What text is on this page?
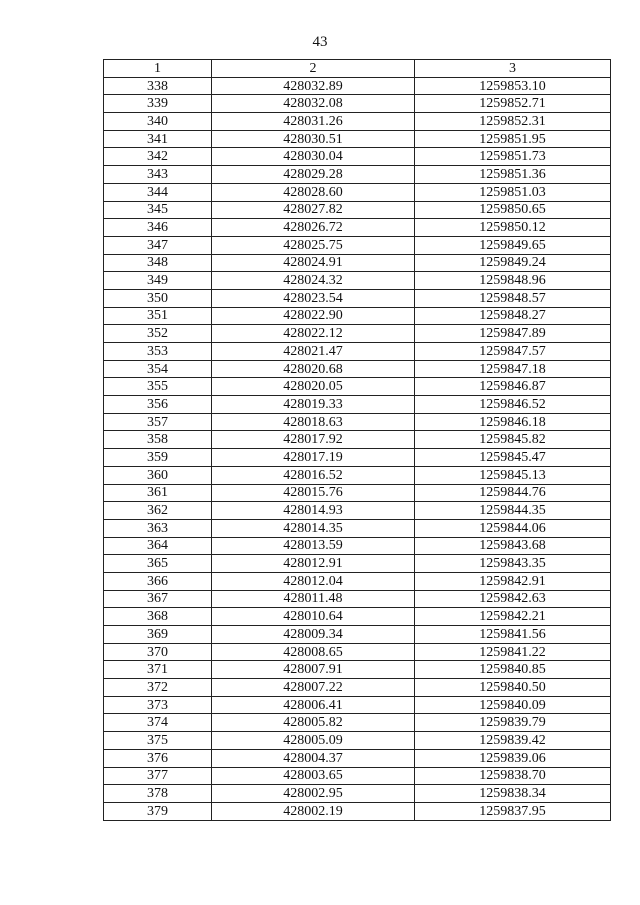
43
1	2	3
338	428032.89	1259853.10
339	428032.08	1259852.71
340	428031.26	1259852.31
341	428030.51	1259851.95
342	428030.04	1259851.73
343	428029.28	1259851.36
344	428028.60	1259851.03
345	428027.82	1259850.65
346	428026.72	1259850.12
347	428025.75	1259849.65
348	428024.91	1259849.24
349	428024.32	1259848.96
350	428023.54	1259848.57
351	428022.90	1259848.27
352	428022.12	1259847.89
353	428021.47	1259847.57
354	428020.68	1259847.18
355	428020.05	1259846.87
356	428019.33	1259846.52
357	428018.63	1259846.18
358	428017.92	1259845.82
359	428017.19	1259845.47
360	428016.52	1259845.13
361	428015.76	1259844.76
362	428014.93	1259844.35
363	428014.35	1259844.06
364	428013.59	1259843.68
365	428012.91	1259843.35
366	428012.04	1259842.91
367	428011.48	1259842.63
368	428010.64	1259842.21
369	428009.34	1259841.56
370	428008.65	1259841.22
371	428007.91	1259840.85
372	428007.22	1259840.50
373	428006.41	1259840.09
374	428005.82	1259839.79
375	428005.09	1259839.42
376	428004.37	1259839.06
377	428003.65	1259838.70
378	428002.95	1259838.34
379	428002.19	1259837.95
